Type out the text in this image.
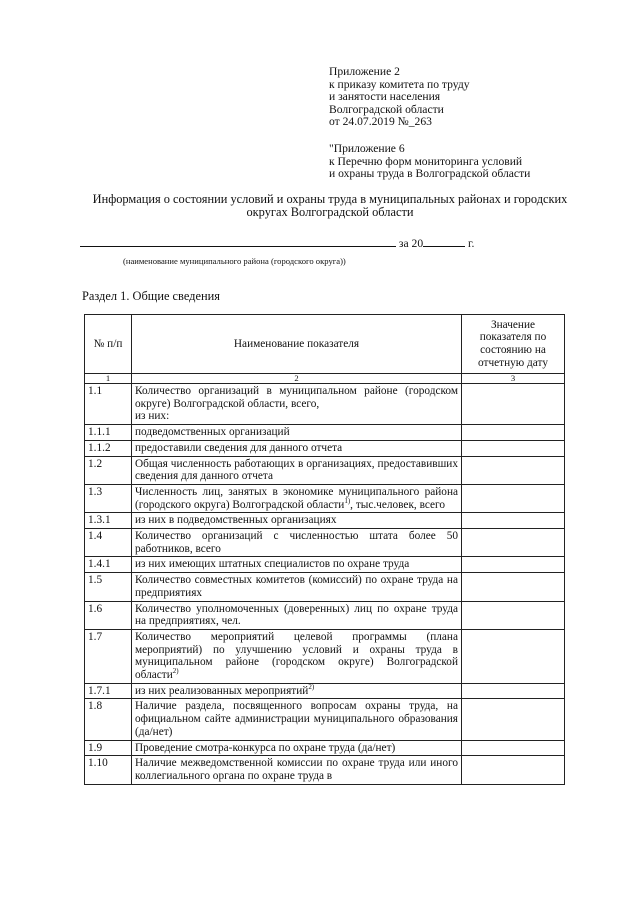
Приложение 2
к приказу комитета по труду
и занятости населения
Волгоградской области
от 24.07.2019 №_263
"Приложение 6
к Перечню форм мониторинга условий
и охраны труда в Волгоградской области
Информация о состоянии условий и охраны труда в муниципальных районах и городских округах Волгоградской области
за 20	г.
(наименование муниципального района (городского округа))
Раздел 1. Общие сведения
№ п/п	Наименование показателя	Значение показателя по состоянию на отчетную дату
1	2	3
1.1	Количество организаций в муниципальном районе (городском округе) Волгоградской области, всего,
из них:	
1.1.1	подведомственных организаций	
1.1.2	предоставили сведения для данного отчета	
1.2	Общая численность работающих в организациях, предоставивших сведения для данного отчета	
1.3	Численность лиц, занятых в экономике муниципального района (городского округа) Волгоградской области$^{1)}$, тыс.человек, всего	
1.3.1	из них в подведомственных организациях	
1.4	Количество организаций с численностью штата более 50 работников, всего	
1.4.1	из них имеющих штатных специалистов по охране труда	
1.5	Количество совместных комитетов (комиссий) по охране труда на предприятиях	
1.6	Количество уполномоченных (доверенных) лиц по охране труда на предприятиях, чел.	
1.7	Количество мероприятий целевой программы (плана мероприятий) по улучшению условий и охраны труда в муниципальном районе (городском округе) Волгоградской области$^{2)}$	
1.7.1	из них реализованных мероприятий$^{2)}$	
1.8	Наличие раздела, посвященного вопросам охраны труда, на официальном сайте администрации муниципального образования (да/нет)	
1.9	Проведение смотра-конкурса по охране труда (да/нет)	
1.10	Наличие межведомственной комиссии по охране труда или иного коллегиального органа по охране труда в	
